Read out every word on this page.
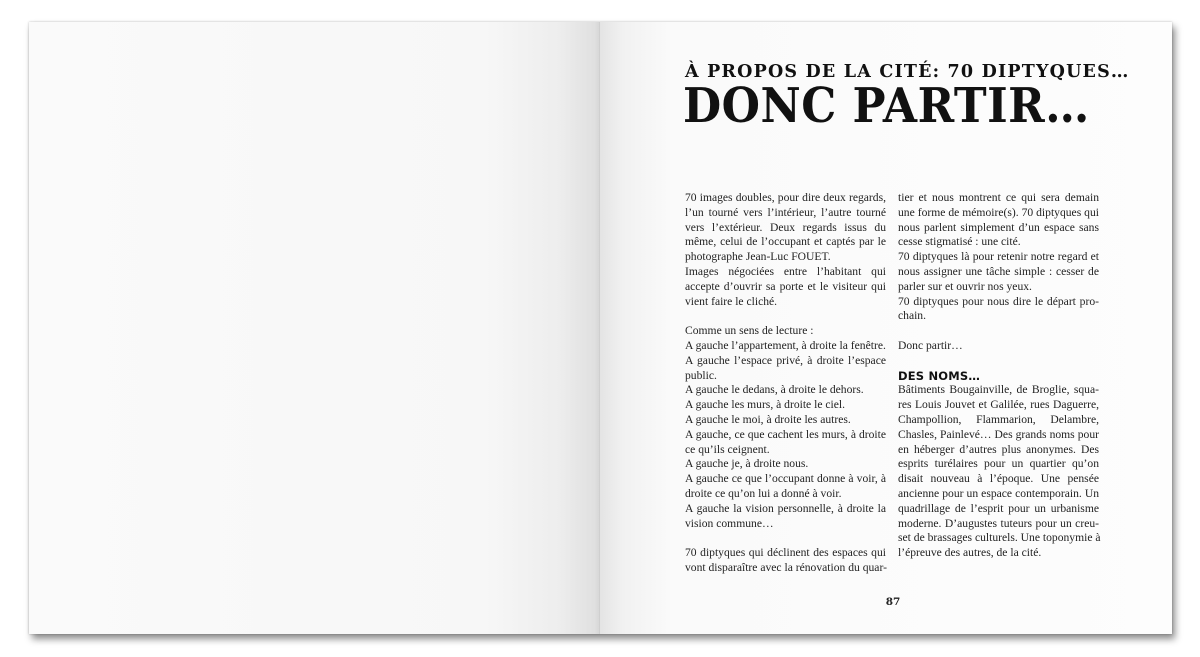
À PROPOS DE LA CITÉ: 70 DIPTYQUES…
DONC PARTIR…
70 images doubles, pour dire deux regards,
l’un tourné vers l’intérieur, l’autre tourné
vers l’extérieur. Deux regards issus du
même, celui de l’occupant et captés par le
photographe Jean-Luc FOUET.
Images négociées entre l’habitant qui
accepte d’ouvrir sa porte et le visiteur qui
vient faire le cliché.
Comme un sens de lecture :
A gauche l’appartement, à droite la fenêtre.
A gauche l’espace privé, à droite l’espace
public.
A gauche le dedans, à droite le dehors.
A gauche les murs, à droite le ciel.
A gauche le moi, à droite les autres.
A gauche, ce que cachent les murs, à droite
ce qu’ils ceignent.
A gauche je, à droite nous.
A gauche ce que l’occupant donne à voir, à
droite ce qu’on lui a donné à voir.
A gauche la vision personnelle, à droite la
vision commune…
70 diptyques qui déclinent des espaces qui
vont disparaître avec la rénovation du quar-
tier et nous montrent ce qui sera demain
une forme de mémoire(s). 70 diptyques qui
nous parlent simplement d’un espace sans
cesse stigmatisé : une cité.
70 diptyques là pour retenir notre regard et
nous assigner une tâche simple : cesser de
parler sur et ouvrir nos yeux.
70 diptyques pour nous dire le départ pro-
chain.
Donc partir…
DES NOMS…
Bâtiments Bougainville, de Broglie, squa-
res Louis Jouvet et Galilée, rues Daguerre,
Champollion, Flammarion, Delambre,
Chasles, Painlevé… Des grands noms pour
en héberger d’autres plus anonymes. Des
esprits turélaires pour un quartier qu’on
disait nouveau à l’époque. Une pensée
ancienne pour un espace contemporain. Un
quadrillage de l’esprit pour un urbanisme
moderne. D’augustes tuteurs pour un creu-
set de brassages culturels. Une toponymie à
l’épreuve des autres, de la cité.
87
